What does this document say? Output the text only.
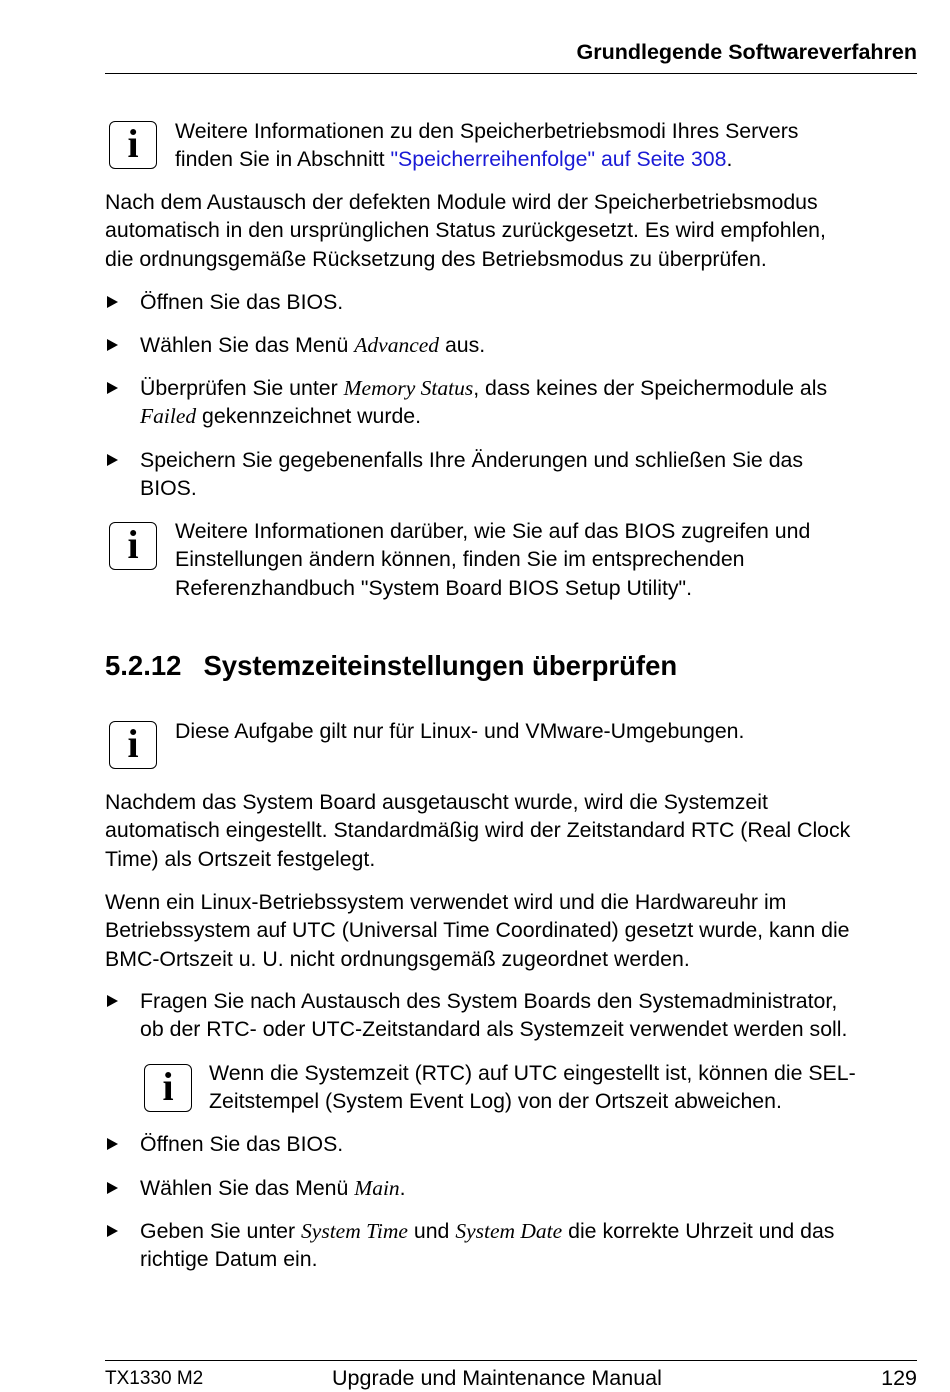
Grundlegende Softwareverfahren
i Weitere Informationen zu den Speicherbetriebsmodi Ihres Servers
finden Sie in Abschnitt "Speicherreihenfolge" auf Seite 308.
Nach dem Austausch der defekten Module wird der Speicherbetriebsmodus
automatisch in den ursprünglichen Status zurückgesetzt. Es wird empfohlen,
die ordnungsgemäße Rücksetzung des Betriebsmodus zu überprüfen.
Öffnen Sie das BIOS.
Wählen Sie das Menü Advanced aus.
Überprüfen Sie unter Memory Status, dass keines der Speichermodule als
Failed gekennzeichnet wurde.
Speichern Sie gegebenenfalls Ihre Änderungen und schließen Sie das
BIOS.
i Weitere Informationen darüber, wie Sie auf das BIOS zugreifen und
Einstellungen ändern können, finden Sie im entsprechenden
Referenzhandbuch "System Board BIOS Setup Utility".
5.2.12 Systemzeiteinstellungen überprüfen
i Diese Aufgabe gilt nur für Linux- und VMware-Umgebungen.
Nachdem das System Board ausgetauscht wurde, wird die Systemzeit
automatisch eingestellt. Standardmäßig wird der Zeitstandard RTC (Real Clock
Time) als Ortszeit festgelegt.
Wenn ein Linux-Betriebssystem verwendet wird und die Hardwareuhr im
Betriebssystem auf UTC (Universal Time Coordinated) gesetzt wurde, kann die
BMC-Ortszeit u. U. nicht ordnungsgemäß zugeordnet werden.
Fragen Sie nach Austausch des System Boards den Systemadministrator,
ob der RTC- oder UTC-Zeitstandard als Systemzeit verwendet werden soll.
i Wenn die Systemzeit (RTC) auf UTC eingestellt ist, können die SEL-
Zeitstempel (System Event Log) von der Ortszeit abweichen.
Öffnen Sie das BIOS.
Wählen Sie das Menü Main.
Geben Sie unter System Time und System Date die korrekte Uhrzeit und das
richtige Datum ein.
TX1330 M2	Upgrade und Maintenance Manual	129
